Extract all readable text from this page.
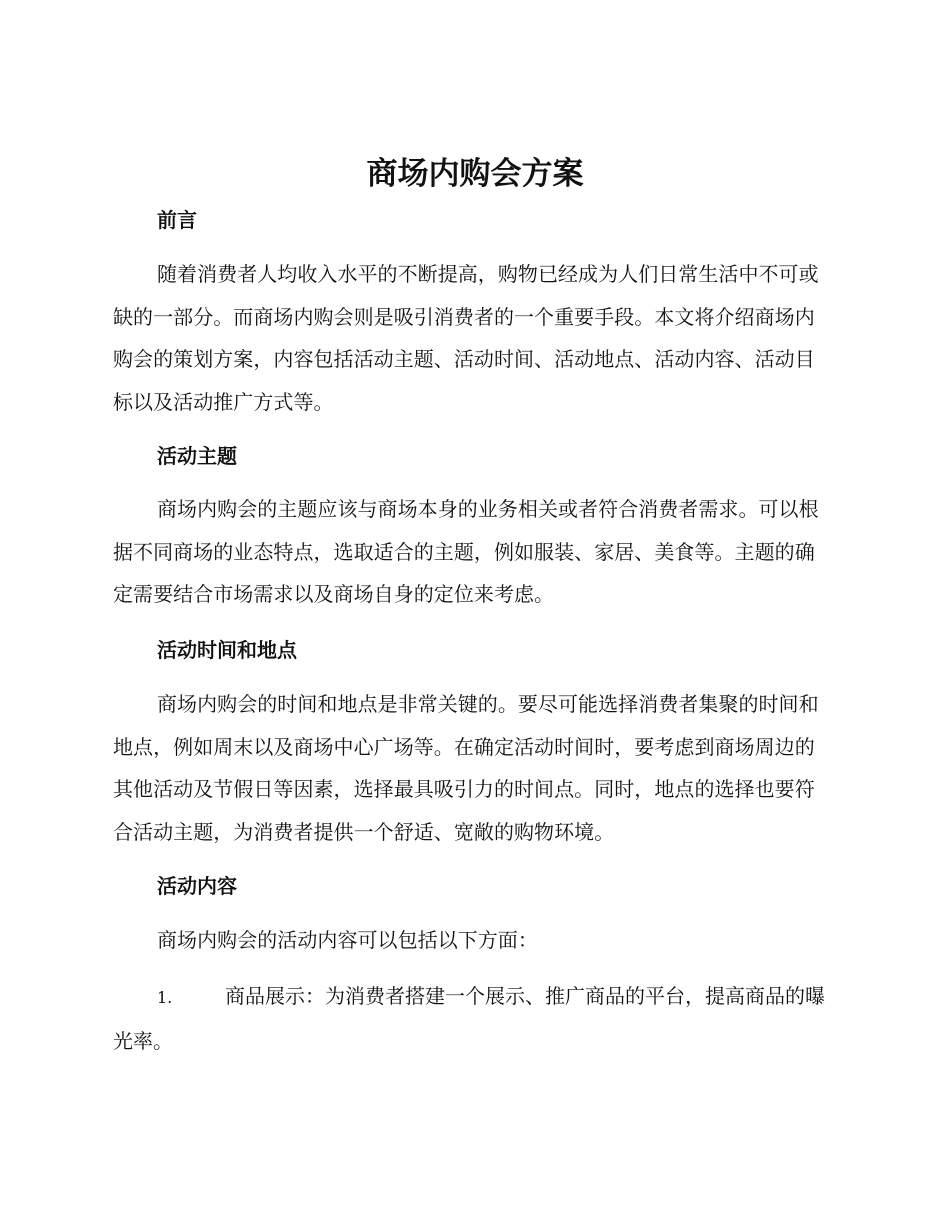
商场内购会方案
前言

随着消费者人均收入水平的不断提高，购物已经成为人们日常生活中不可或缺的一部分。而商场内购会则是吸引消费者的一个重要手段。本文将介绍商场内购会的策划方案，内容包括活动主题、活动时间、活动地点、活动内容、活动目标以及活动推广方式等。

活动主题

商场内购会的主题应该与商场本身的业务相关或者符合消费者需求。可以根据不同商场的业态特点，选取适合的主题，例如服装、家居、美食等。主题的确定需要结合市场需求以及商场自身的定位来考虑。

活动时间和地点

商场内购会的时间和地点是非常关键的。要尽可能选择消费者集聚的时间和地点，例如周末以及商场中心广场等。在确定活动时间时，要考虑到商场周边的其他活动及节假日等因素，选择最具吸引力的时间点。同时，地点的选择也要符合活动主题，为消费者提供一个舒适、宽敞的购物环境。

活动内容

商场内购会的活动内容可以包括以下方面：

1.	商品展示：为消费者搭建一个展示、推广商品的平台，提高商品的曝光率。
